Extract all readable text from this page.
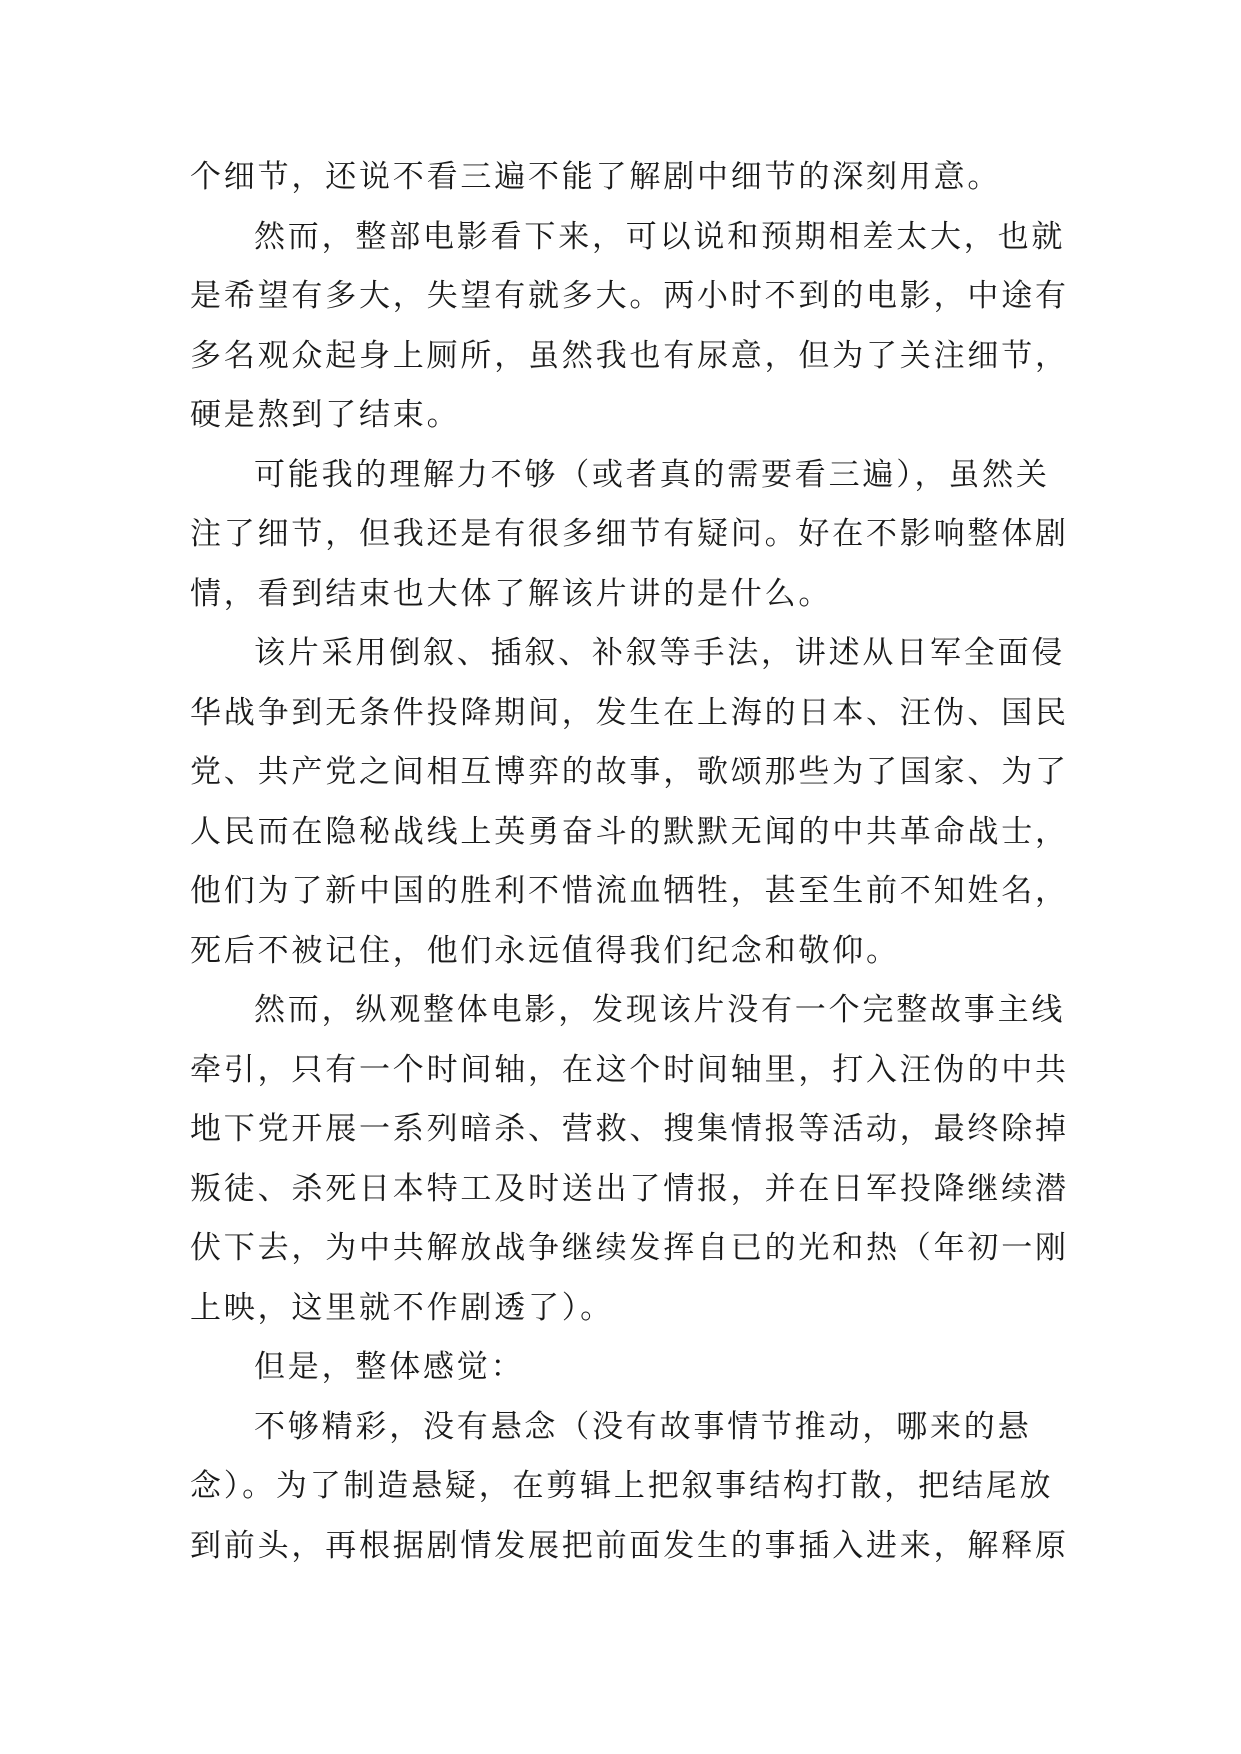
个细节，还说不看三遍不能了解剧中细节的深刻用意。
然而，整部电影看下来，可以说和预期相差太大，也就
是希望有多大，失望有就多大。两小时不到的电影，中途有
多名观众起身上厕所，虽然我也有尿意，但为了关注细节，
硬是熬到了结束。
可能我的理解力不够（或者真的需要看三遍），虽然关
注了细节，但我还是有很多细节有疑问。好在不影响整体剧
情，看到结束也大体了解该片讲的是什么。
该片采用倒叙、插叙、补叙等手法，讲述从日军全面侵
华战争到无条件投降期间，发生在上海的日本、汪伪、国民
党、共产党之间相互博弈的故事，歌颂那些为了国家、为了
人民而在隐秘战线上英勇奋斗的默默无闻的中共革命战士，
他们为了新中国的胜利不惜流血牺牲，甚至生前不知姓名，
死后不被记住，他们永远值得我们纪念和敬仰。
然而，纵观整体电影，发现该片没有一个完整故事主线
牵引，只有一个时间轴，在这个时间轴里，打入汪伪的中共
地下党开展一系列暗杀、营救、搜集情报等活动，最终除掉
叛徒、杀死日本特工及时送出了情报，并在日军投降继续潜
伏下去，为中共解放战争继续发挥自已的光和热（年初一刚
上映，这里就不作剧透了）。
但是，整体感觉：
不够精彩，没有悬念（没有故事情节推动，哪来的悬
念）。为了制造悬疑，在剪辑上把叙事结构打散，把结尾放
到前头，再根据剧情发展把前面发生的事插入进来，解释原
